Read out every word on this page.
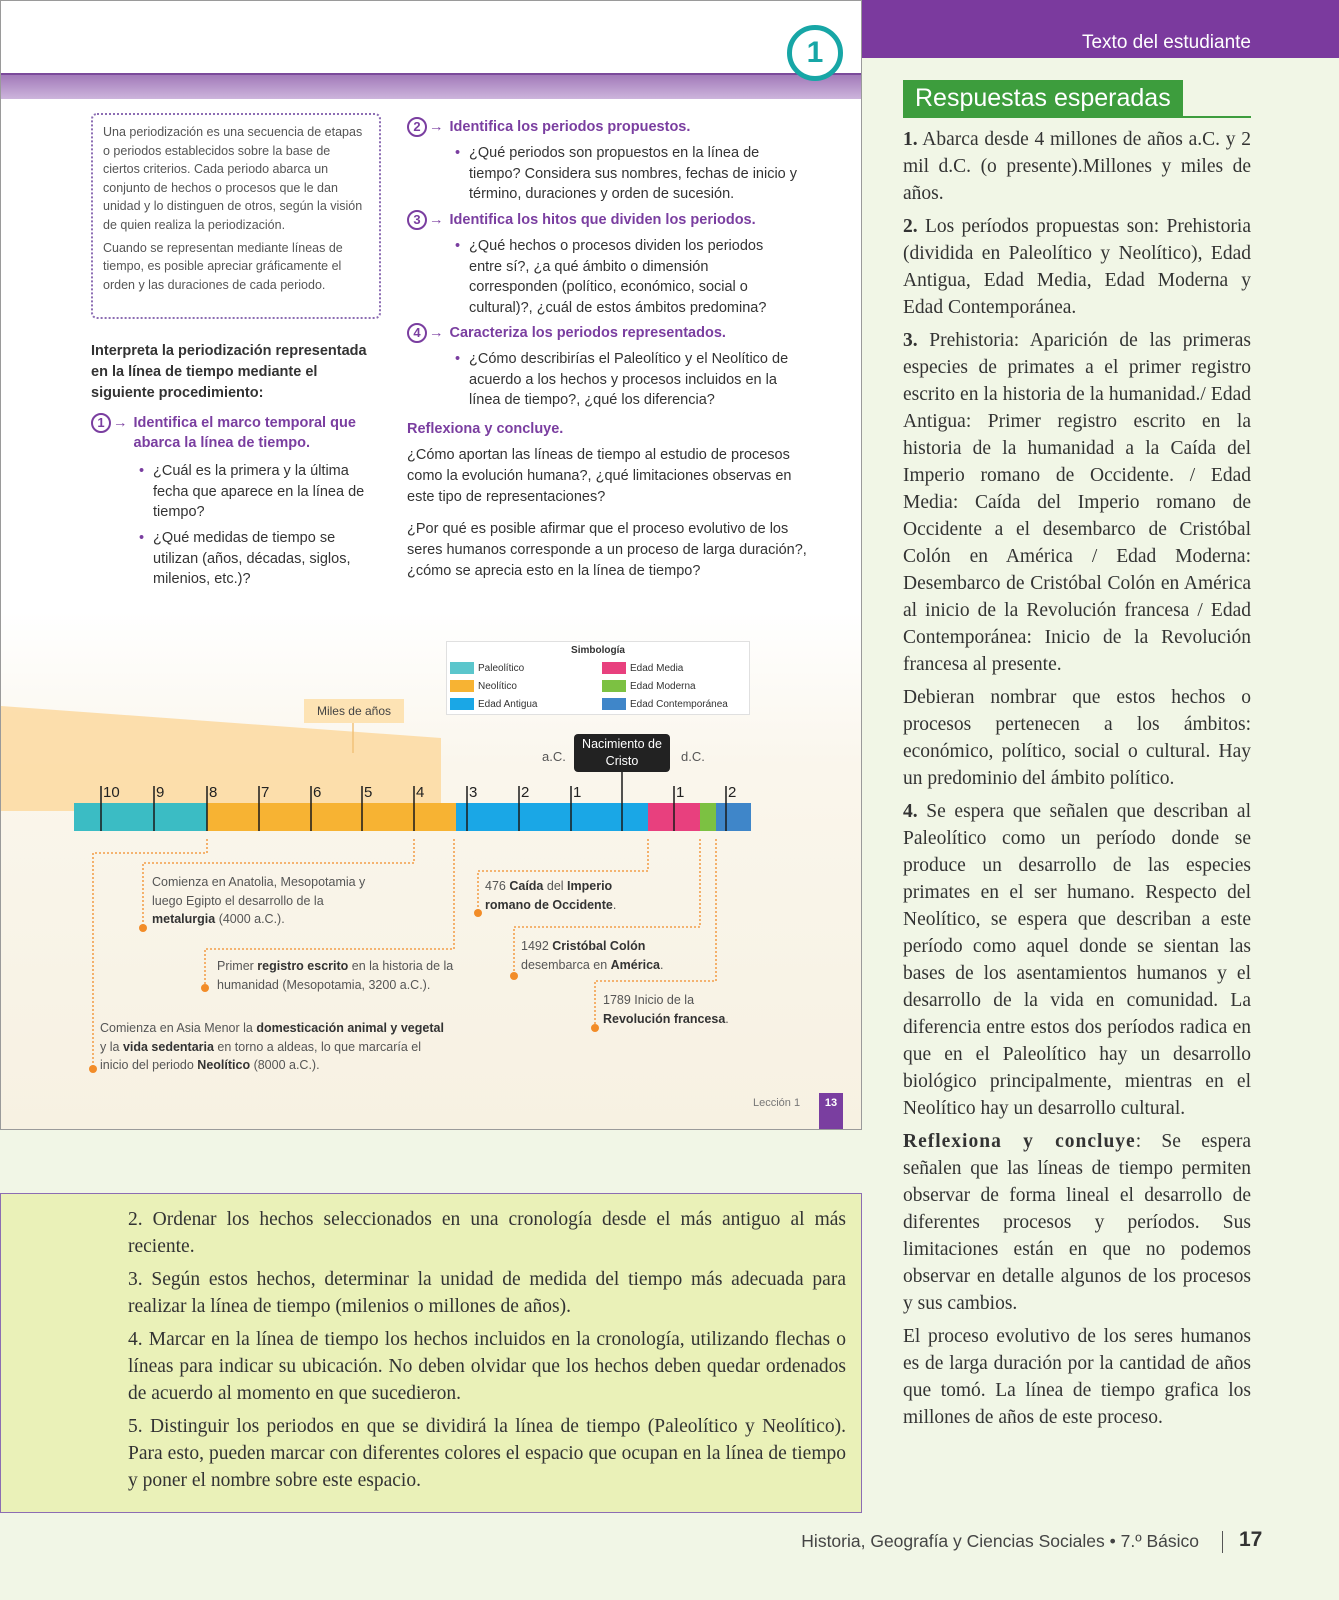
1

Una periodización es una secuencia de etapas o periodos establecidos sobre la base de ciertos criterios. Cada periodo abarca un conjunto de hechos o procesos que le dan unidad y lo distinguen de otros, según la visión de quien realiza la periodización.

Cuando se representan mediante líneas de tiempo, es posible apreciar gráficamente el orden y las duraciones de cada periodo.

Interpreta la periodización representada en la línea de tiempo mediante el siguiente procedimiento:
1 → Identifica el marco temporal que abarca la línea de tiempo.
• ¿Cuál es la primera y la última fecha que aparece en la línea de tiempo?
• ¿Qué medidas de tiempo se utilizan (años, décadas, siglos, milenios, etc.)?
2 → Identifica los periodos propuestos.
• ¿Qué periodos son propuestos en la línea de tiempo? Considera sus nombres, fechas de inicio y término, duraciones y orden de sucesión.
3 → Identifica los hitos que dividen los periodos.
• ¿Qué hechos o procesos dividen los periodos entre sí?, ¿a qué ámbito o dimensión corresponden (político, económico, social o cultural)?, ¿cuál de estos ámbitos predomina?
4 → Caracteriza los periodos representados.
• ¿Cómo describirías el Paleolítico y el Neolítico de acuerdo a los hechos y procesos incluidos en la línea de tiempo?, ¿qué los diferencia?
Reflexiona y concluye.
¿Cómo aportan las líneas de tiempo al estudio de procesos como la evolución humana?, ¿qué limitaciones observas en este tipo de representaciones?
¿Por qué es posible afirmar que el proceso evolutivo de los seres humanos corresponde a un proceso de larga duración?, ¿cómo se aprecia esto en la línea de tiempo?
Miles de años
a.C.	d.C.
Nacimiento de Cristo
10 9	8	7	6	5	4	3	2	1	1	2
Simbología
Paleolítico
Neolítico
Edad Antigua
Edad Media
Edad Moderna
Edad Contemporánea
Comienza en Anatolia, Mesopotamia y luego Egipto el desarrollo de la metalurgia (4000 a.C.).
Primer registro escrito en la historia de la humanidad (Mesopotamia, 3200 a.C.).
Comienza en Asia Menor la domesticación animal y vegetal y la vida sedentaria en torno a aldeas, lo que marcaría el inicio del periodo Neolítico (8000 a.C.).
476 Caída del Imperio romano de Occidente.
1492 Cristóbal Colón desembarca en América.
1789 Inicio de la Revolución francesa.
Lección 1	13
Texto del estudiante
Respuestas esperadas

1. Abarca desde 4 millones de años a.C. y 2 mil d.C. (o presente).Millones y miles de años.

2. Los períodos propuestas son: Prehistoria (dividida en Paleolítico y Neolítico), Edad Antigua, Edad Media, Edad Moderna y Edad Contemporánea.

3. Prehistoria: Aparición de las primeras especies de primates a el primer registro escrito en la historia de la humanidad./ Edad Antigua: Primer registro escrito en la historia de la humanidad a la Caída del Imperio romano de Occidente. / Edad Media: Caída del Imperio romano de Occidente a el desembarco de Cristóbal Colón en América / Edad Moderna: Desembarco de Cristóbal Colón en América al inicio de la Revolución francesa / Edad Contemporánea: Inicio de la Revolución francesa al presente.

Debieran nombrar que estos hechos o procesos pertenecen a los ámbitos: económico, político, social o cultural. Hay un predominio del ámbito político.

4. Se espera que señalen que describan al Paleolítico como un período donde se produce un desarrollo de las especies primates en el ser humano. Respecto del Neolítico, se espera que describan a este período como aquel donde se sientan las bases de los asentamientos humanos y el desarrollo de la vida en comunidad. La diferencia entre estos dos períodos radica en que en el Paleolítico hay un desarrollo biológico principalmente, mientras en el Neolítico hay un desarrollo cultural.

Reflexiona y concluye: Se espera señalen que las líneas de tiempo permiten observar de forma lineal el desarrollo de diferentes procesos y períodos. Sus limitaciones están en que no podemos observar en detalle algunos de los procesos y sus cambios.

El proceso evolutivo de los seres humanos es de larga duración por la cantidad de años que tomó. La línea de tiempo grafica los millones de años de este proceso.

2. Ordenar los hechos seleccionados en una cronología desde el más antiguo al más reciente.

3. Según estos hechos, determinar la unidad de medida del tiempo más adecuada para realizar la línea de tiempo (milenios o millones de años).

4. Marcar en la línea de tiempo los hechos incluidos en la cronología, utilizando flechas o líneas para indicar su ubicación. No deben olvidar que los hechos deben quedar ordenados de acuerdo al momento en que sucedieron.

5. Distinguir los periodos en que se dividirá la línea de tiempo (Paleolítico y Neolítico). Para esto, pueden marcar con diferentes colores el espacio que ocupan en la línea de tiempo y poner el nombre sobre este espacio.

Historia, Geografía y Ciencias Sociales • 7.º Básico 17
